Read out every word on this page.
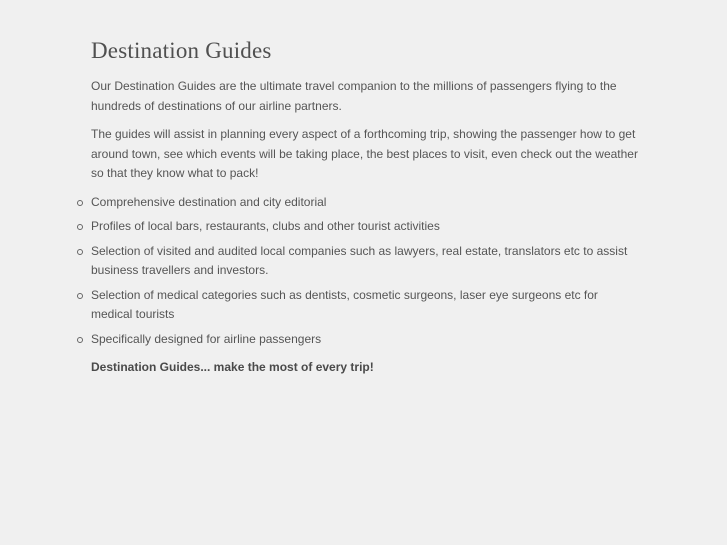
Destination Guides

Our Destination Guides are the ultimate travel companion to the millions of passengers flying to the hundreds of destinations of our airline partners.

The guides will assist in planning every aspect of a forthcoming trip, showing the passenger how to get around town, see which events will be taking place, the best places to visit, even check out the weather so that they know what to pack!

Comprehensive destination and city editorial
Profiles of local bars, restaurants, clubs and other tourist activities
Selection of visited and audited local companies such as lawyers, real estate, translators etc to assist business travellers and investors.
Selection of medical categories such as dentists, cosmetic surgeons, laser eye surgeons etc for medical tourists
Specifically designed for airline passengers

Destination Guides... make the most of every trip!
